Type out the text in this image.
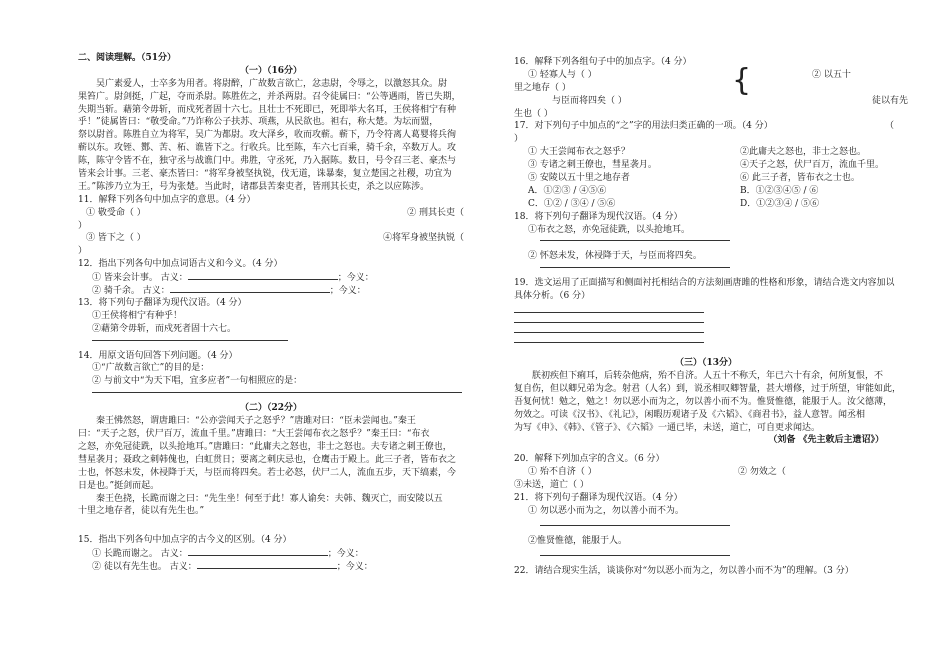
二、阅读理解。（51分）
（一）（16分）
吴广素爱人，士卒多为用者。将尉醉，广故数言欲亡，忿恚尉，令辱之，以激怒其众。尉
果笞广。尉剑挺，广起，夺而杀尉。陈胜佐之，并杀两尉。召令徒属曰：“公等遇雨，皆已失期，
失期当斩。藉第令毋斩，而戍死者固十六七。且壮士不死即已，死即举大名耳，王侯将相宁有种
乎！”徒属皆曰：“敬受命。”乃诈称公子扶苏、项燕，从民欲也。袒右，称大楚。为坛而盟，
祭以尉首。陈胜自立为将军，吴广为都尉。攻大泽乡，收而攻蕲。蕲下，乃令符离人葛婴将兵徇
蕲以东。攻铚、酂、苦、柘、谯皆下之。行收兵。比至陈，车六七百乘，骑千余，卒数万人。攻
陈，陈守令皆不在，独守丞与战谯门中。弗胜，守丞死，乃入据陈。数日，号令召三老、豪杰与
皆来会计事。三老、豪杰皆曰：“将军身被坚执锐，伐无道，诛暴秦，复立楚国之社稷，功宜为
王。”陈涉乃立为王，号为张楚。当此时，诸郡县苦秦吏者，皆刑其长吏，杀之以应陈涉。
11．解释下列各句中加点字的意思。（4 分）
① 敬受命（ ）	② 刑其长吏（
）
③ 皆下之（ ）	④将军身被坚执锐（
）
12．指出下列各句中加点词语古义和今义。（4 分）
① 皆来会计事。 古义：	；今义：
② 骑千余。 古义：	；今义：
13．将下列句子翻译为现代汉语。（4 分）
①王侯将相宁有种乎！
②藉第令毋斩，而戍死者固十六七。
14．用原文语句回答下列问题。（4 分）
①“广故数言欲亡”的目的是：
② 与前文中“为天下唱，宜多应者”一句相照应的是：
（二）（22分）
秦王怫然怒，谓唐雎曰：“公亦尝闻天子之怒乎？”唐雎对曰：“臣未尝闻也。”秦王
曰：“天子之怒，伏尸百万，流血千里。”唐雎曰：“大王尝闻布衣之怒乎？”秦王曰：“布衣
之怒，亦免冠徒跣，以头抢地耳。”唐雎曰：“此庸夫之怒也，非士之怒也。夫专诸之刺王僚也，
彗星袭月；聂政之刺韩傀也，白虹贯日；要离之刺庆忌也，仓鹰击于殿上。此三子者，皆布衣之
士也，怀怒未发，休祲降于天，与臣而将四矣。若士必怒，伏尸二人，流血五步，天下缟素，今
日是也。”挺剑而起。
秦王色挠，长跪而谢之曰：“先生坐！何至于此！寡人谕矣：夫韩、魏灭亡，而安陵以五
十里之地存者，徒以有先生也。”
15．指出下列各句中加点字的古今义的区别。（4 分）
① 长跪而谢之。 古义：	；今义：
② 徒以有先生也。 古义：	；今义：
16．解释下列各组句子中的加点字。（4 分）
① 轻寡人与（ ）	② 以五十
里之地存（ ）
与臣而将四矣（ ）	徒以有先
生也（ ）
{
17．对下列句子中加点的“之”字的用法归类正确的一项。（4 分）	（
）
① 大王尝闻布衣之怒乎？	②此庸夫之怒也，非士之怒也。
③ 专诸之刺王僚也，彗星袭月。	④天子之怒，伏尸百万，流血千里。
⑤ 安陵以五十里之地存者	⑥ 此三子者，皆布衣之士也。
A．①②③ / ④⑤⑥	B．①②③④⑤ / ⑥
C．①② / ③④ / ⑤⑥	D．①②③④ / ⑤⑥
18．将下列句子翻译为现代汉语。（4 分）
①布衣之怒，亦免冠徒跣，以头抢地耳。
② 怀怒未发，休祲降于天，与臣而将四矣。
19．选文运用了正面描写和侧面衬托相结合的方法刻画唐雎的性格和形象，请结合选文内容加以
具体分析。（6 分）
（三）（13分）
朕初疾但下痢耳，后转杂他病，殆不自济。人五十不称夭，年已六十有余，何所复恨，不
复自伤，但以卿兄弟为念。射君（人名）到，说丞相叹卿智量，甚大增修，过于所望，审能如此，
吾复何忧！勉之，勉之！勿以恶小而为之，勿以善小而不为。惟贤惟德，能服于人。汝父德薄，
勿效之。可读《汉书》、《礼记》，闲暇历观诸子及《六韬》、《商君书》，益人意智。闻丞相
为写《申》、《韩》、《管子》、《六韬》一通已毕，未送，道亡，可自更求闻达。
（刘备 《先主敕后主遗诏》）
20．解释下列加点字的含义。（6 分）
① 殆不自济（ ）	② 勿效之（
③未送，道亡（ ）
21．将下列句子翻译为现代汉语。（4 分）
① 勿以恶小而为之，勿以善小而不为。
②惟贤惟德，能服于人。
22．请结合现实生活，谈谈你对“勿以恶小而为之，勿以善小而不为”的理解。（3 分）
